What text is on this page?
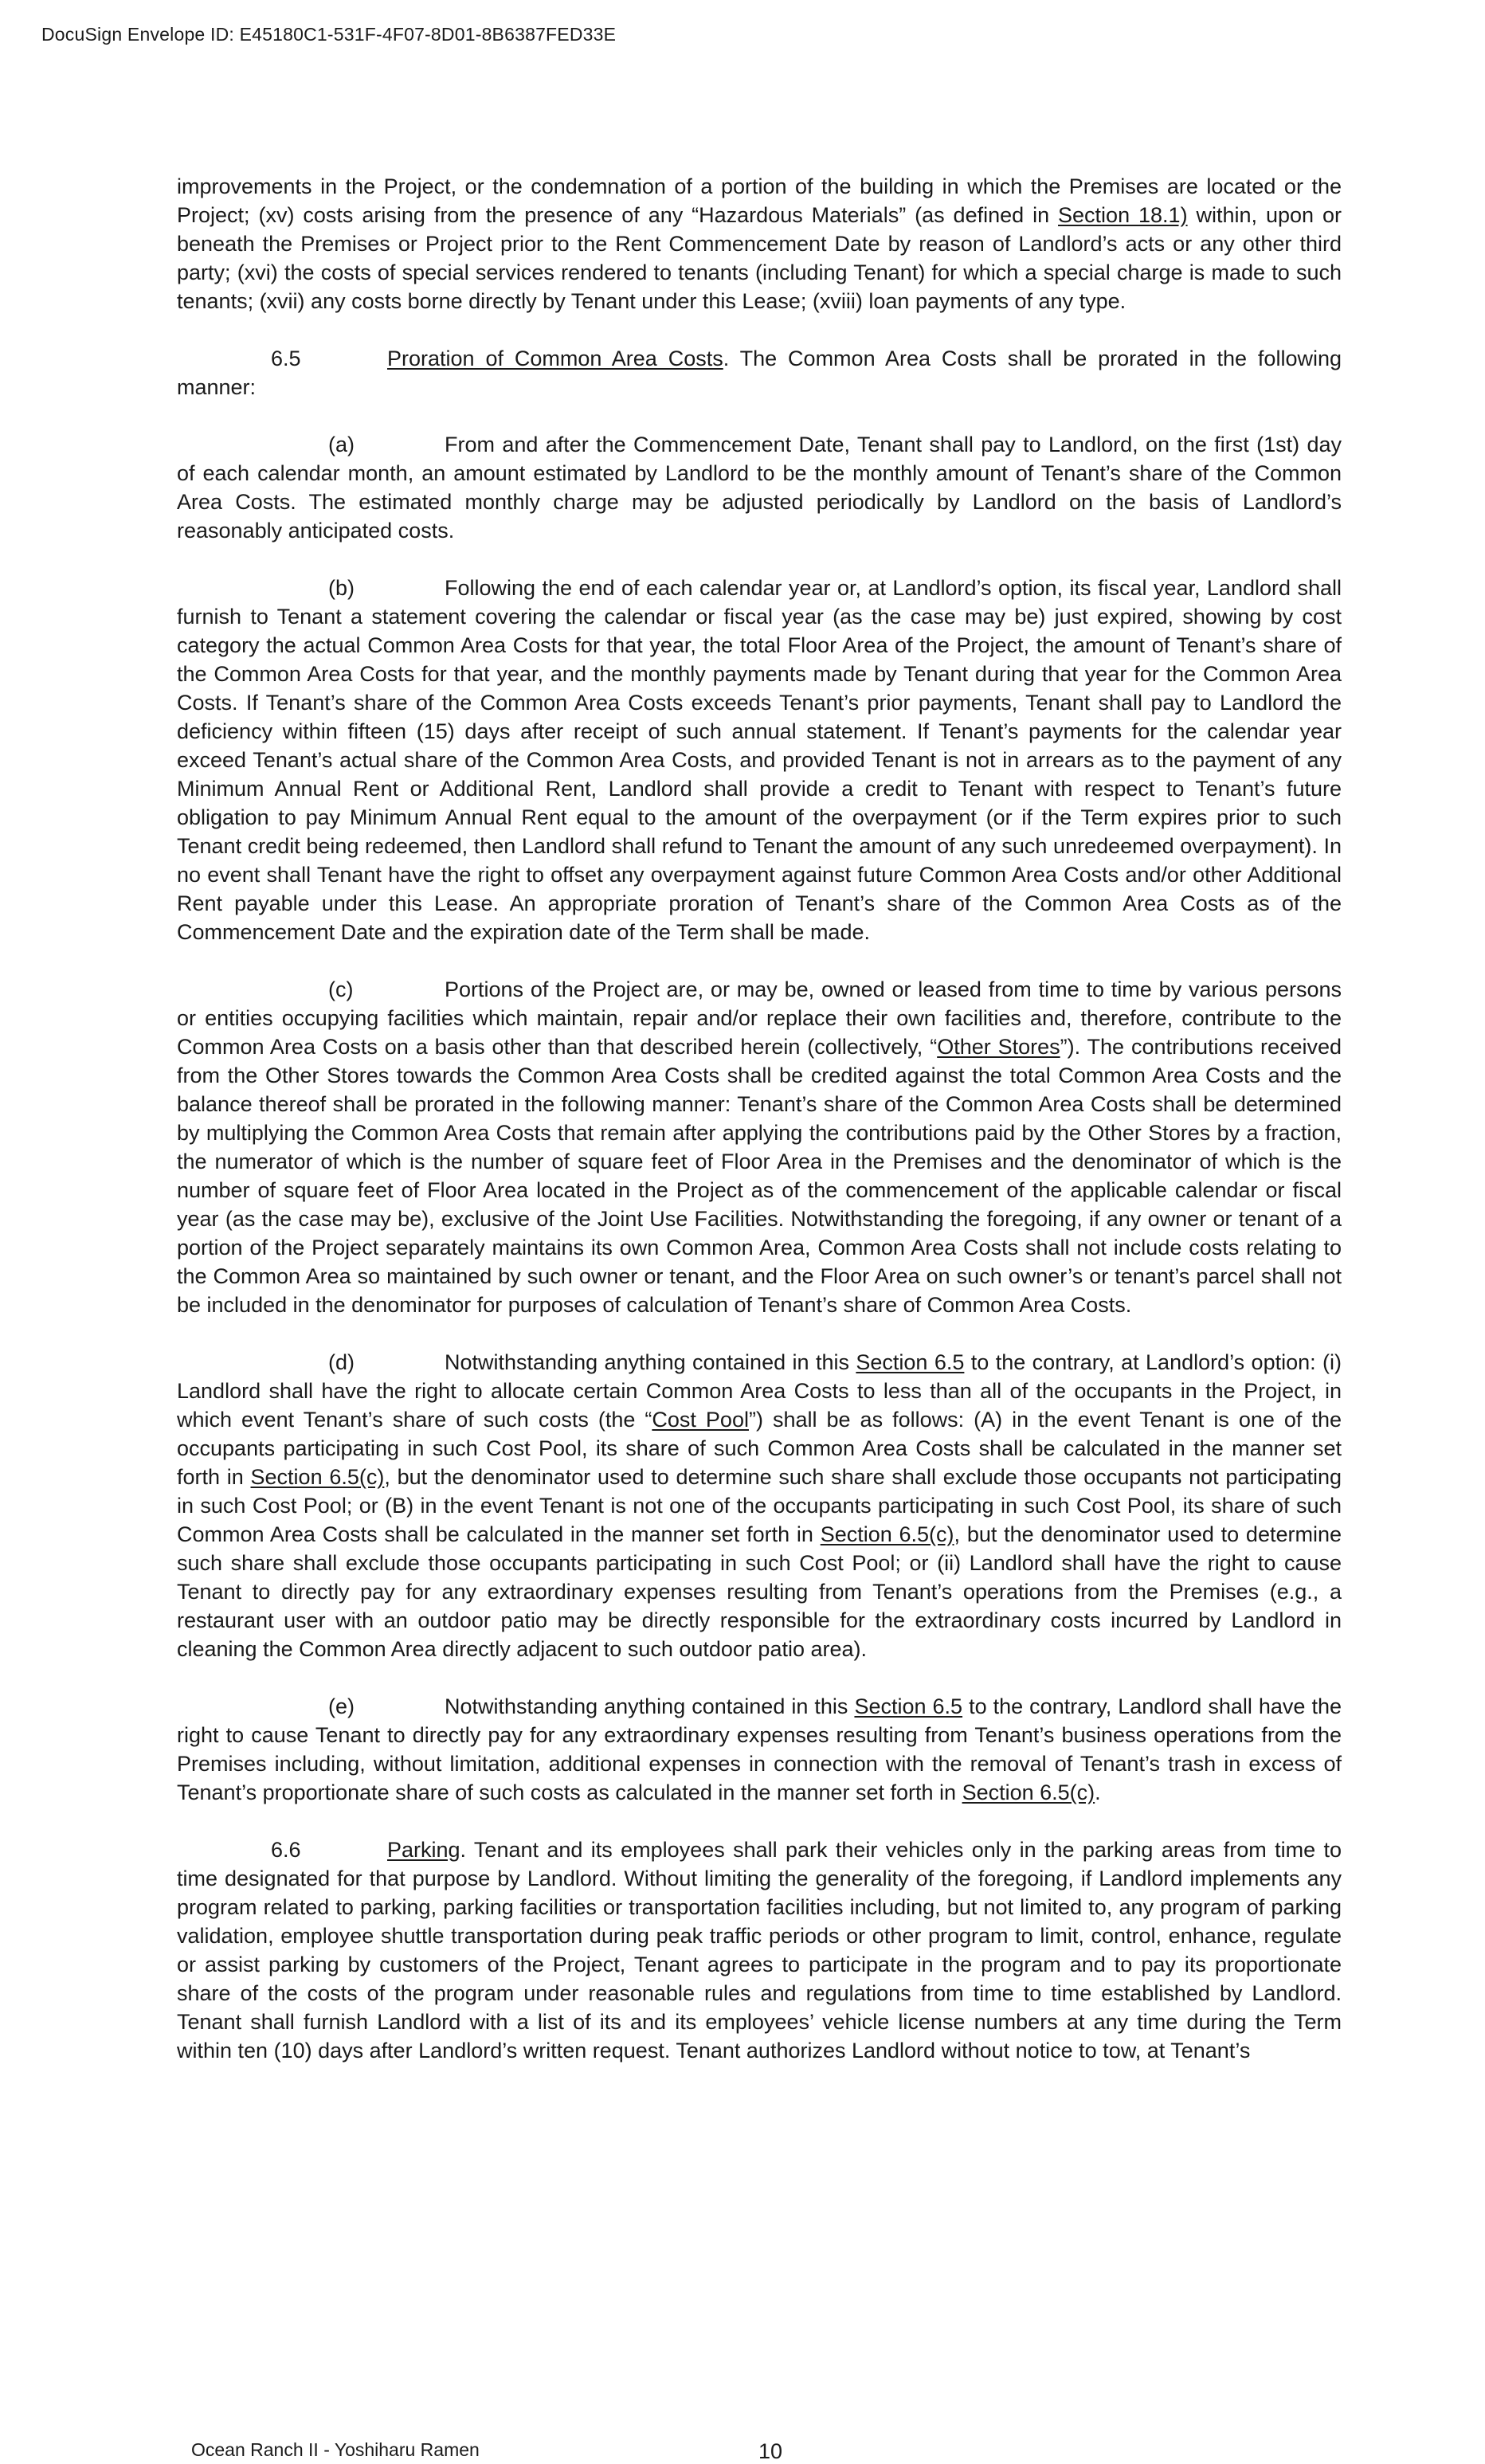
DocuSign Envelope ID: E45180C1-531F-4F07-8D01-8B6387FED33E

improvements in the Project, or the condemnation of a portion of the building in which the Premises are located or the Project; (xv) costs arising from the presence of any “Hazardous Materials” (as defined in Section 18.1) within, upon or beneath the Premises or Project prior to the Rent Commencement Date by reason of Landlord’s acts or any other third party; (xvi) the costs of special services rendered to tenants (including Tenant) for which a special charge is made to such tenants; (xvii) any costs borne directly by Tenant under this Lease; (xviii) loan payments of any type.

6.5	Proration of Common Area Costs. The Common Area Costs shall be prorated in the following manner:

(a)	From and after the Commencement Date, Tenant shall pay to Landlord, on the first (1st) day of each calendar month, an amount estimated by Landlord to be the monthly amount of Tenant’s share of the Common Area Costs. The estimated monthly charge may be adjusted periodically by Landlord on the basis of Landlord’s reasonably anticipated costs.

(b)	Following the end of each calendar year or, at Landlord’s option, its fiscal year, Landlord shall furnish to Tenant a statement covering the calendar or fiscal year (as the case may be) just expired, showing by cost category the actual Common Area Costs for that year, the total Floor Area of the Project, the amount of Tenant’s share of the Common Area Costs for that year, and the monthly payments made by Tenant during that year for the Common Area Costs. If Tenant’s share of the Common Area Costs exceeds Tenant’s prior payments, Tenant shall pay to Landlord the deficiency within fifteen (15) days after receipt of such annual statement. If Tenant’s payments for the calendar year exceed Tenant’s actual share of the Common Area Costs, and provided Tenant is not in arrears as to the payment of any Minimum Annual Rent or Additional Rent, Landlord shall provide a credit to Tenant with respect to Tenant’s future obligation to pay Minimum Annual Rent equal to the amount of the overpayment (or if the Term expires prior to such Tenant credit being redeemed, then Landlord shall refund to Tenant the amount of any such unredeemed overpayment). In no event shall Tenant have the right to offset any overpayment against future Common Area Costs and/or other Additional Rent payable under this Lease. An appropriate proration of Tenant’s share of the Common Area Costs as of the Commencement Date and the expiration date of the Term shall be made.

(c)	Portions of the Project are, or may be, owned or leased from time to time by various persons or entities occupying facilities which maintain, repair and/or replace their own facilities and, therefore, contribute to the Common Area Costs on a basis other than that described herein (collectively, “Other Stores”). The contributions received from the Other Stores towards the Common Area Costs shall be credited against the total Common Area Costs and the balance thereof shall be prorated in the following manner: Tenant’s share of the Common Area Costs shall be determined by multiplying the Common Area Costs that remain after applying the contributions paid by the Other Stores by a fraction, the numerator of which is the number of square feet of Floor Area in the Premises and the denominator of which is the number of square feet of Floor Area located in the Project as of the commencement of the applicable calendar or fiscal year (as the case may be), exclusive of the Joint Use Facilities. Notwithstanding the foregoing, if any owner or tenant of a portion of the Project separately maintains its own Common Area, Common Area Costs shall not include costs relating to the Common Area so maintained by such owner or tenant, and the Floor Area on such owner’s or tenant’s parcel shall not be included in the denominator for purposes of calculation of Tenant’s share of Common Area Costs.

(d)	Notwithstanding anything contained in this Section 6.5 to the contrary, at Landlord’s option: (i) Landlord shall have the right to allocate certain Common Area Costs to less than all of the occupants in the Project, in which event Tenant’s share of such costs (the “Cost Pool”) shall be as follows: (A) in the event Tenant is one of the occupants participating in such Cost Pool, its share of such Common Area Costs shall be calculated in the manner set forth in Section 6.5(c), but the denominator used to determine such share shall exclude those occupants not participating in such Cost Pool; or (B) in the event Tenant is not one of the occupants participating in such Cost Pool, its share of such Common Area Costs shall be calculated in the manner set forth in Section 6.5(c), but the denominator used to determine such share shall exclude those occupants participating in such Cost Pool; or (ii) Landlord shall have the right to cause Tenant to directly pay for any extraordinary expenses resulting from Tenant’s operations from the Premises (e.g., a restaurant user with an outdoor patio may be directly responsible for the extraordinary costs incurred by Landlord in cleaning the Common Area directly adjacent to such outdoor patio area).

(e)	Notwithstanding anything contained in this Section 6.5 to the contrary, Landlord shall have the right to cause Tenant to directly pay for any extraordinary expenses resulting from Tenant’s business operations from the Premises including, without limitation, additional expenses in connection with the removal of Tenant’s trash in excess of Tenant’s proportionate share of such costs as calculated in the manner set forth in Section 6.5(c).

6.6	Parking. Tenant and its employees shall park their vehicles only in the parking areas from time to time designated for that purpose by Landlord. Without limiting the generality of the foregoing, if Landlord implements any program related to parking, parking facilities or transportation facilities including, but not limited to, any program of parking validation, employee shuttle transportation during peak traffic periods or other program to limit, control, enhance, regulate or assist parking by customers of the Project, Tenant agrees to participate in the program and to pay its proportionate share of the costs of the program under reasonable rules and regulations from time to time established by Landlord. Tenant shall furnish Landlord with a list of its and its employees’ vehicle license numbers at any time during the Term within ten (10) days after Landlord’s written request. Tenant authorizes Landlord without notice to tow, at Tenant’s

Ocean Ranch II - Yoshiharu Ramen	10
